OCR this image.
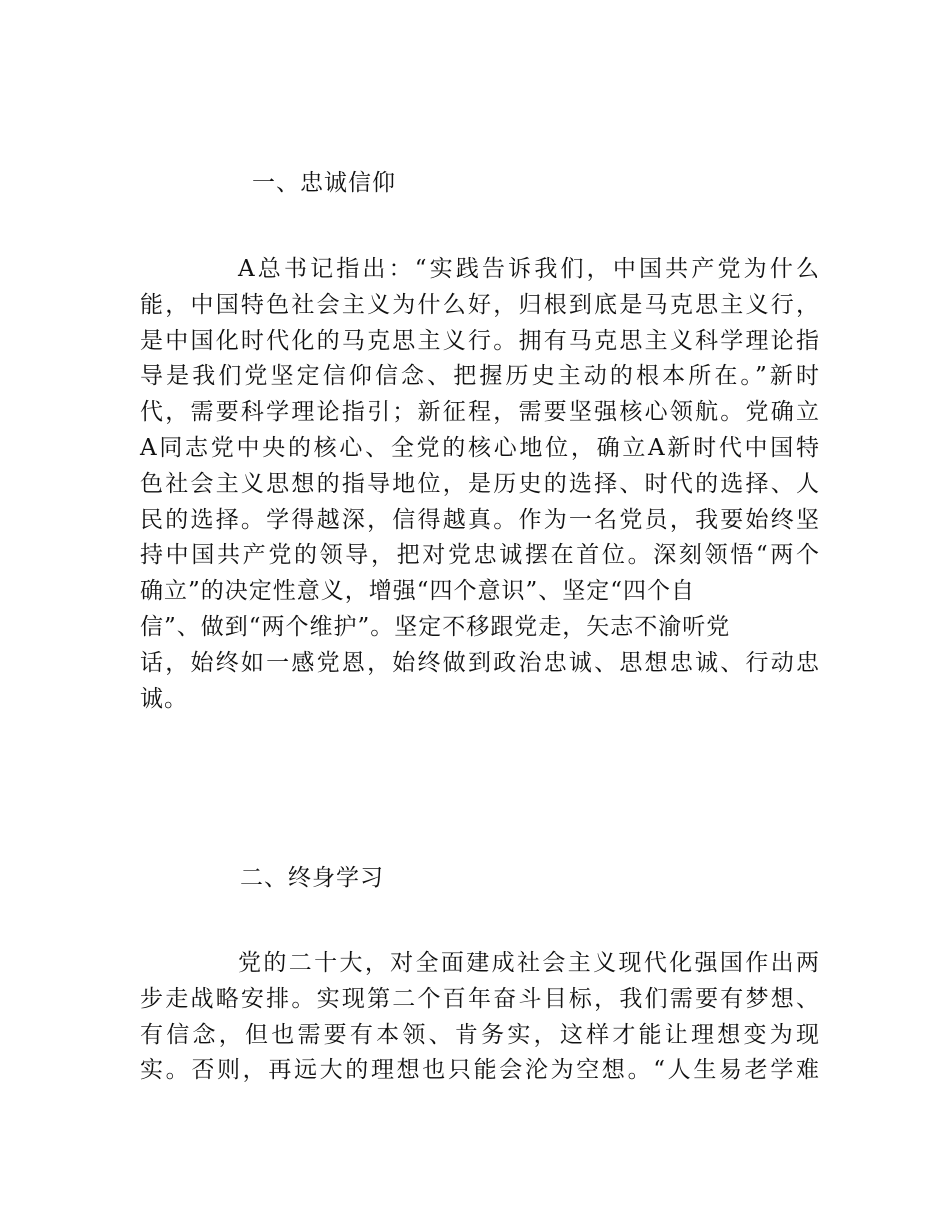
一、忠诚信仰
A总书记指出：“实践告诉我们，中国共产党为什么
能，中国特色社会主义为什么好，归根到底是马克思主义行，
是中国化时代化的马克思主义行。拥有马克思主义科学理论指
导是我们党坚定信仰信念、把握历史主动的根本所在。”新时
代，需要科学理论指引；新征程，需要坚强核心领航。党确立
A同志党中央的核心、全党的核心地位，确立A新时代中国特
色社会主义思想的指导地位，是历史的选择、时代的选择、人
民的选择。学得越深，信得越真。作为一名党员，我要始终坚
持中国共产党的领导，把对党忠诚摆在首位。深刻领悟“两个
确立”的决定性意义，增强“四个意识”、坚定“四个自
信”、做到“两个维护”。坚定不移跟党走，矢志不渝听党
话，始终如一感党恩，始终做到政治忠诚、思想忠诚、行动忠
诚。
二、终身学习
党的二十大，对全面建成社会主义现代化强国作出两
步走战略安排。实现第二个百年奋斗目标，我们需要有梦想、
有信念，但也需要有本领、肯务实，这样才能让理想变为现
实。否则，再远大的理想也只能会沦为空想。“人生易老学难
